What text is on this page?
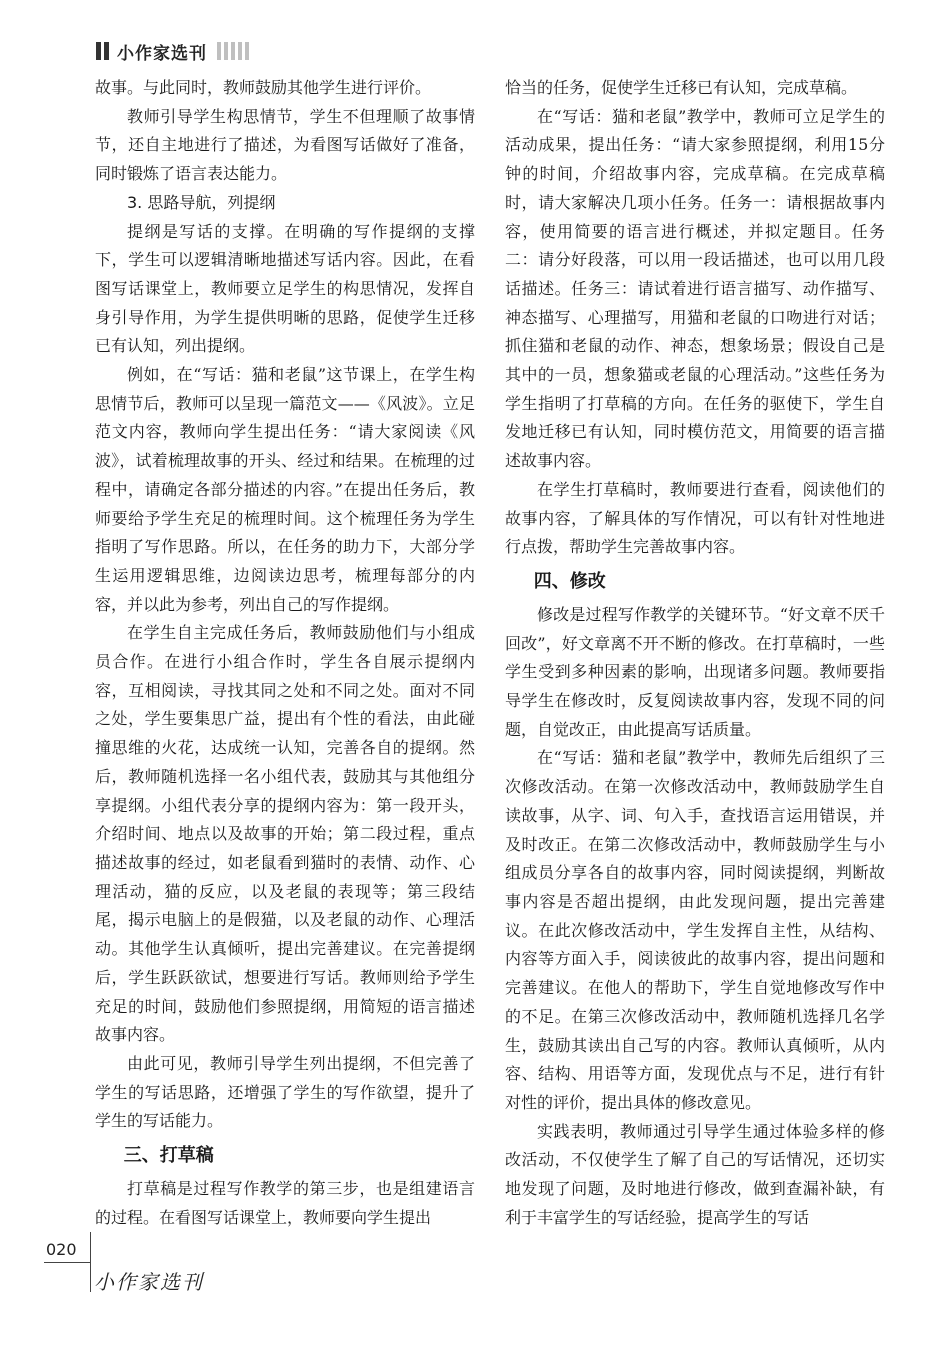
小作家选刊

故事。与此同时，教师鼓励其他学生进行评价。

教师引导学生构思情节，学生不但理顺了故事情节，还自主地进行了描述，为看图写话做好了准备，同时锻炼了语言表达能力。

3. 思路导航，列提纲

提纲是写话的支撑。在明确的写作提纲的支撑下，学生可以逻辑清晰地描述写话内容。因此，在看图写话课堂上，教师要立足学生的构思情况，发挥自身引导作用，为学生提供明晰的思路，促使学生迁移已有认知，列出提纲。

例如，在“写话：猫和老鼠”这节课上，在学生构思情节后，教师可以呈现一篇范文——《风波》。立足范文内容，教师向学生提出任务：“请大家阅读《风波》，试着梳理故事的开头、经过和结果。在梳理的过程中，请确定各部分描述的内容。”在提出任务后，教师要给予学生充足的梳理时间。这个梳理任务为学生指明了写作思路。所以，在任务的助力下，大部分学生运用逻辑思维，边阅读边思考，梳理每部分的内容，并以此为参考，列出自己的写作提纲。

在学生自主完成任务后，教师鼓励他们与小组成员合作。在进行小组合作时，学生各自展示提纲内容，互相阅读，寻找其同之处和不同之处。面对不同之处，学生要集思广益，提出有个性的看法，由此碰撞思维的火花，达成统一认知，完善各自的提纲。然后，教师随机选择一名小组代表，鼓励其与其他组分享提纲。小组代表分享的提纲内容为：第一段开头，介绍时间、地点以及故事的开始；第二段过程，重点描述故事的经过，如老鼠看到猫时的表情、动作、心理活动，猫的反应，以及老鼠的表现等；第三段结尾，揭示电脑上的是假猫，以及老鼠的动作、心理活动。其他学生认真倾听，提出完善建议。在完善提纲后，学生跃跃欲试，想要进行写话。教师则给予学生充足的时间，鼓励他们参照提纲，用简短的语言描述故事内容。

由此可见，教师引导学生列出提纲，不但完善了学生的写话思路，还增强了学生的写作欲望，提升了学生的写话能力。

三、打草稿

打草稿是过程写作教学的第三步，也是组建语言的过程。在看图写话课堂上，教师要向学生提出

恰当的任务，促使学生迁移已有认知，完成草稿。

在“写话：猫和老鼠”教学中，教师可立足学生的活动成果，提出任务：“请大家参照提纲，利用15分钟的时间，介绍故事内容，完成草稿。在完成草稿时，请大家解决几项小任务。任务一：请根据故事内容，使用简要的语言进行概述，并拟定题目。任务二：请分好段落，可以用一段话描述，也可以用几段话描述。任务三：请试着进行语言描写、动作描写、神态描写、心理描写，用猫和老鼠的口吻进行对话；抓住猫和老鼠的动作、神态，想象场景；假设自己是其中的一员，想象猫或老鼠的心理活动。”这些任务为学生指明了打草稿的方向。在任务的驱使下，学生自发地迁移已有认知，同时模仿范文，用简要的语言描述故事内容。

在学生打草稿时，教师要进行查看，阅读他们的故事内容，了解具体的写作情况，可以有针对性地进行点拨，帮助学生完善故事内容。

四、修改

修改是过程写作教学的关键环节。“好文章不厌千回改”，好文章离不开不断的修改。在打草稿时，一些学生受到多种因素的影响，出现诸多问题。教师要指导学生在修改时，反复阅读故事内容，发现不同的问题，自觉改正，由此提高写话质量。

在“写话：猫和老鼠”教学中，教师先后组织了三次修改活动。在第一次修改活动中，教师鼓励学生自读故事，从字、词、句入手，查找语言运用错误，并及时改正。在第二次修改活动中，教师鼓励学生与小组成员分享各自的故事内容，同时阅读提纲，判断故事内容是否超出提纲，由此发现问题，提出完善建议。在此次修改活动中，学生发挥自主性，从结构、内容等方面入手，阅读彼此的故事内容，提出问题和完善建议。在他人的帮助下，学生自觉地修改写作中的不足。在第三次修改活动中，教师随机选择几名学生，鼓励其读出自己写的内容。教师认真倾听，从内容、结构、用语等方面，发现优点与不足，进行有针对性的评价，提出具体的修改意见。

实践表明，教师通过引导学生通过体验多样的修改活动，不仅使学生了解了自己的写话情况，还切实地发现了问题，及时地进行修改，做到查漏补缺，有利于丰富学生的写话经验，提高学生的写话

020
小作家选刊
